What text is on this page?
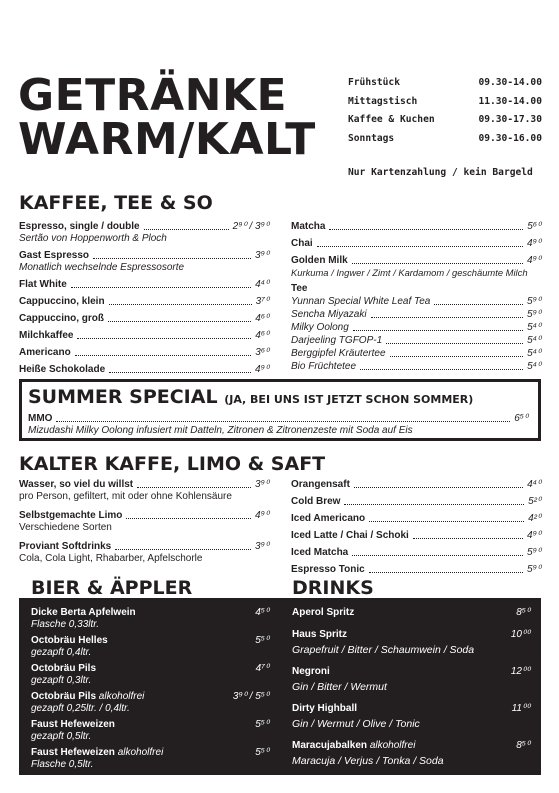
GETRÄNKE
WARM/KALT
Frühstück	09.30-14.00
Mittagstisch	11.30-14.00
Kaffee & Kuchen	09.30-17.30
Sonntags	09.30-16.00
Nur Kartenzahlung / kein Bargeld
KAFFEE, TEE & SO
Espresso, single / double	2⁹⁰ / 3⁹⁰
Sertão von Hoppenworth & Ploch
Gast Espresso	3⁹⁰
Monatlich wechselnde Espressosorte
Flat White	4⁴⁰
Cappuccino, klein	3⁷⁰
Cappuccino, groß	4⁶⁰
Milchkaffee	4⁶⁰
Americano	3⁶⁰
Heiße Schokolade	4⁹⁰
Matcha	5⁶⁰
Chai	4⁹⁰
Golden Milk	4⁹⁰
Kurkuma / Ingwer / Zimt / Kardamom / geschäumte Milch
Tee
Yunnan Special White Leaf Tea	5⁹⁰
Sencha Miyazaki	5⁹⁰
Milky Oolong	5⁴⁰
Darjeeling TGFOP-1	5⁴⁰
Berggipfel Kräutertee	5⁴⁰
Bio Früchtetee	5⁴⁰
SUMMER SPECIAL (JA, BEI UNS IST JETZT SCHON SOMMER)
MMO	6⁵⁰
Mizudashi Milky Oolong infusiert mit Datteln, Zitronen & Zitronenzeste mit Soda auf Eis
KALTER KAFFE, LIMO & SAFT
Wasser, so viel du willst	3⁹⁰
pro Person, gefiltert, mit oder ohne Kohlensäure
Selbstgemachte Limo	4⁹⁰
Verschiedene Sorten
Proviant Softdrinks	3⁹⁰
Cola, Cola Light, Rhabarber, Apfelschorle
Orangensaft	4⁴⁰
Cold Brew	5²⁰
Iced Americano	4²⁰
Iced Latte / Chai / Schoki	4⁹⁰
Iced Matcha	5⁹⁰
Espresso Tonic	5⁹⁰
BIER & ÄPPLER	DRINKS
Dicke Berta Apfelwein	4⁵⁰
Flasche 0,33ltr.
Octobräu Helles	5⁵⁰
gezapft 0,4ltr.
Octobräu Pils	4⁷⁰
gezapft 0,3ltr.
Octobräu Pils alkoholfrei	3⁹⁰ / 5⁵⁰
gezapft 0,25ltr. / 0,4ltr.
Faust Hefeweizen	5⁵⁰
gezapft 0,5ltr.
Faust Hefeweizen alkoholfrei	5⁵⁰
Flasche 0,5ltr.
Aperol Spritz	8⁵⁰
Haus Spritz	10⁰⁰
Grapefruit / Bitter / Schaumwein / Soda
Negroni	12⁰⁰
Gin / Bitter / Wermut
Dirty Highball	11⁰⁰
Gin / Wermut / Olive / Tonic
Maracujabalken alkoholfrei	8⁵⁰
Maracuja / Verjus / Tonka / Soda
